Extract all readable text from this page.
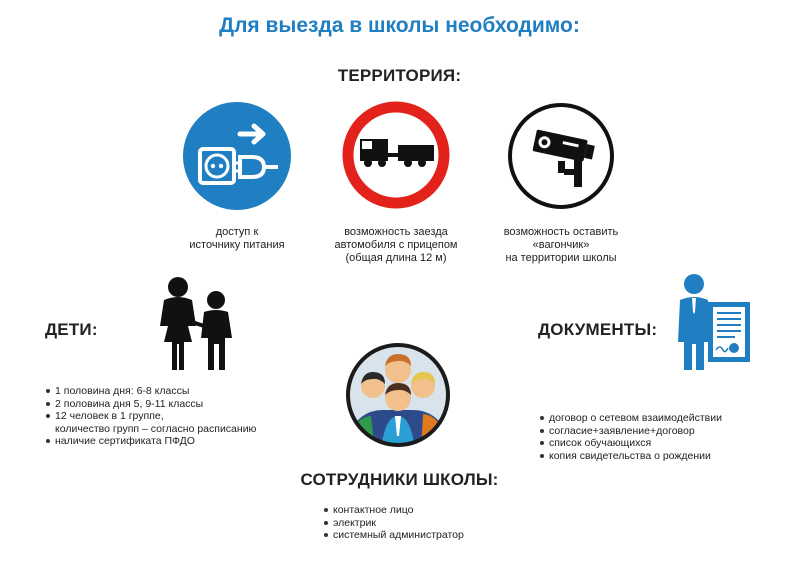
Для выезда в школы необходимо:
ТЕРРИТОРИЯ:
доступ к
источнику питания
возможность заезда
автомобиля с прицепом
(общая длина 12 м)
возможность оставить
«вагончик»
на территории школы
ДЕТИ:
1 половина дня: 6-8 классы
2 половина дня 5, 9-11 классы
12 человек в 1 группе,
количество групп – согласно расписанию
наличие сертификата ПФДО
ДОКУМЕНТЫ:
договор о сетевом взаимодействии
согласие+заявление+договор
список обучающихся
копия свидетельства о рождении
СОТРУДНИКИ ШКОЛЫ:
контактное лицо
электрик
системный администратор
